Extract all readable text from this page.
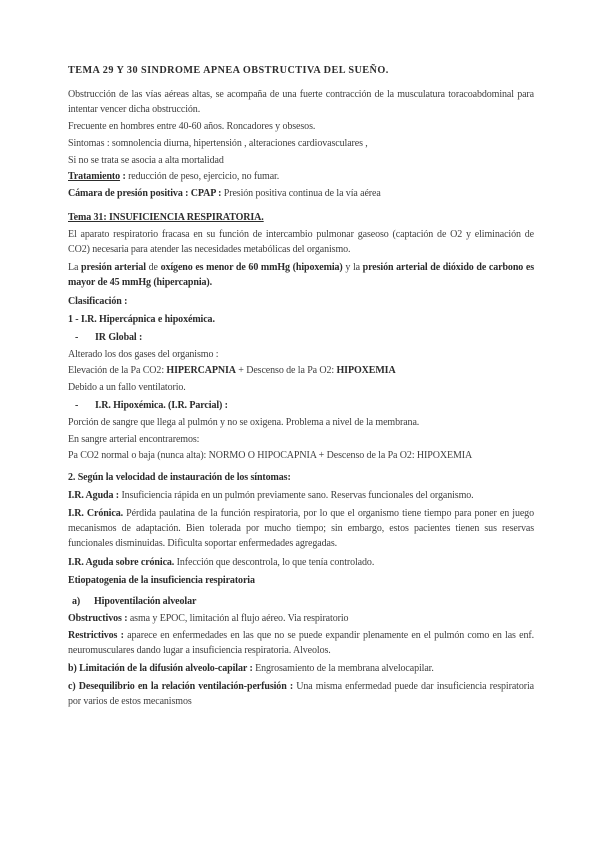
TEMA 29 Y 30 SINDROME APNEA OBSTRUCTIVA DEL SUEÑO.

Obstrucción de las vías aéreas altas, se acompaña de una fuerte contracción de la musculatura toracoabdominal para intentar vencer dicha obstrucción.

Frecuente en hombres entre 40-60 años. Roncadores y obsesos.

Sintomas : somnolencia diurna, hipertensión , alteraciones cardiovasculares ,

Si no se trata se asocia a alta mortalidad

Tratamiento : reducción de peso, ejercicio, no fumar.

Cámara de presión positiva : CPAP : Presión positiva continua de la vía aérea

Tema 31: INSUFICIENCIA RESPIRATORIA.

El aparato respiratorio fracasa en su función de intercambio pulmonar gaseoso (captación de O2 y eliminación de CO2) necesaria para atender las necesidades metabólicas del organismo.

La presión arterial de oxígeno es menor de 60 mmHg (hipoxemia) y la presión arterial de dióxido de carbono es mayor de 45 mmHg (hipercapnia).

Clasificación :

1 - I.R. Hipercápnica e hipoxémica.

- IR Global :

Alterado los dos gases del organismo :

Elevación de la Pa CO2: HIPERCAPNIA + Descenso de la Pa O2: HIPOXEMIA

Debido a un fallo ventilatorio.

- I.R. Hipoxémica. (I.R. Parcial) :

Porción de sangre que llega al pulmón y no se oxigena. Problema a nivel de la membrana.

En sangre arterial encontraremos:

Pa CO2 normal o baja (nunca alta): NORMO O HIPOCAPNIA + Descenso de la Pa O2: HIPOXEMIA

2. Según la velocidad de instauración de los síntomas:

I.R. Aguda : Insuficiencia rápida en un pulmón previamente sano. Reservas funcionales del organismo.

I.R. Crónica. Pérdida paulatina de la función respiratoria, por lo que el organismo tiene tiempo para poner en juego mecanismos de adaptación. Bien tolerada por mucho tiempo; sin embargo, estos pacientes tienen sus reservas funcionales disminuidas. Dificulta soportar enfermedades agregadas.

I.R. Aguda sobre crónica. Infección que descontrola, lo que tenía controlado.

Etiopatogenia de la insuficiencia respiratoria

a) Hipoventilación alveolar

Obstructivos : asma y EPOC, limitación al flujo aéreo. Via respiratorio

Restrictivos : aparece en enfermedades en las que no se puede expandir plenamente en el pulmón como en las enf. neuromusculares dando lugar a insuficiencia respiratoria. Alveolos.

b) Limitación de la difusión alveolo-capilar : Engrosamiento de la membrana alvelocapilar.

c) Desequilibrio en la relación ventilación-perfusión : Una misma enfermedad puede dar insuficiencia respiratoria por varios de estos mecanismos
